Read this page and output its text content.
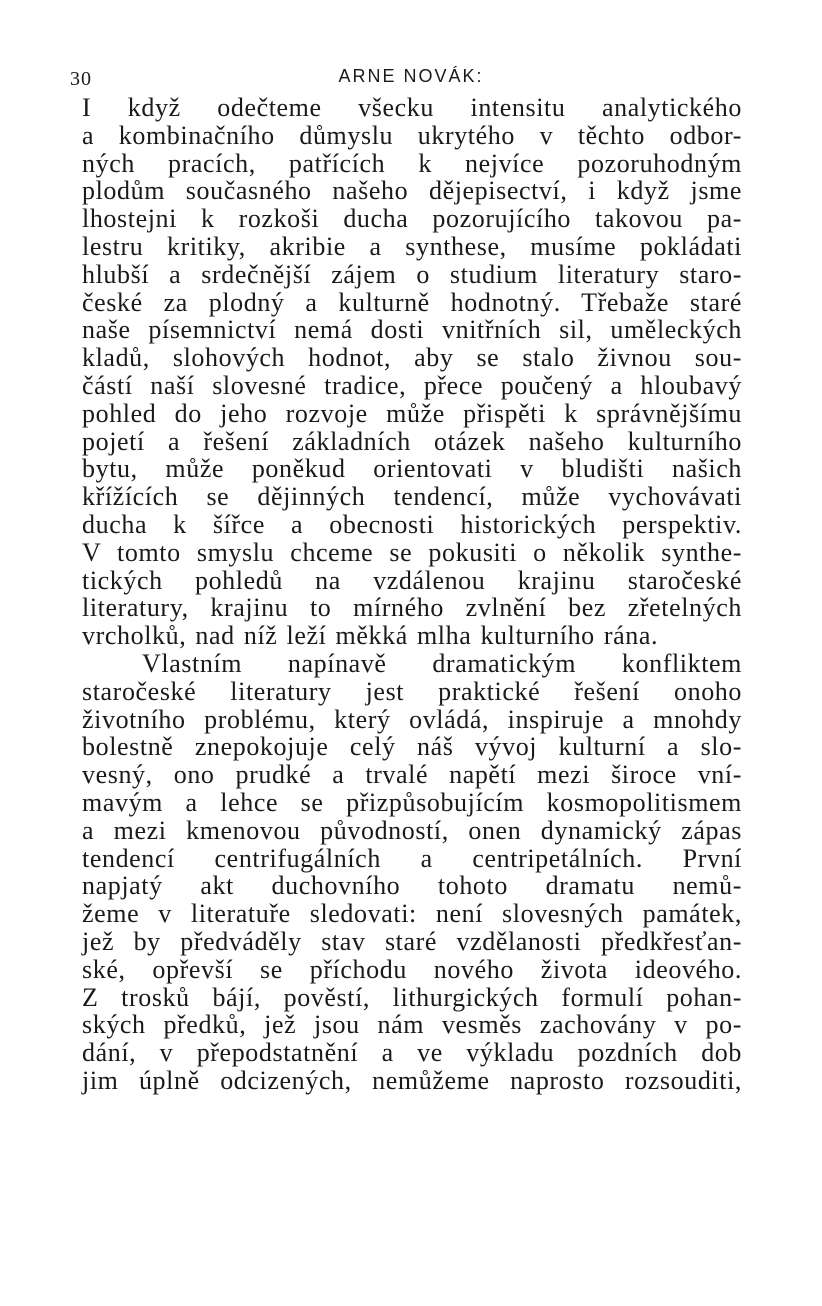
30	ARNE NOVÁK:
I když odečteme všecku intensitu analytického
a kombinačního důmyslu ukrytého v těchto odbor-
ných pracích, patřících k nejvíce pozoruhodným
plodům současného našeho dějepisectví, i když jsme
lhostejni k rozkoši ducha pozorujícího takovou pa-
lestru kritiky, akribie a synthese, musíme pokládati
hlubší a srdečnější zájem o studium literatury staro-
české za plodný a kulturně hodnotný. Třebaže staré
naše písemnictví nemá dosti vnitřních sil, uměleckých
kladů, slohových hodnot, aby se stalo živnou sou-
částí naší slovesné tradice, přece poučený a hloubavý
pohled do jeho rozvoje může přispěti k správnějšímu
pojetí a řešení základních otázek našeho kulturního
bytu, může poněkud orientovati v bludišti našich
křížících se dějinných tendencí, může vychovávati
ducha k šířce a obecnosti historických perspektiv.
V tomto smyslu chceme se pokusiti o několik synthe-
tických pohledů na vzdálenou krajinu staročeské
literatury, krajinu to mírného zvlnění bez zřetelných
vrcholků, nad níž leží měkká mlha kulturního rána.
Vlastním napínavě dramatickým konfliktem
staročeské literatury jest praktické řešení onoho
životního problému, který ovládá, inspiruje a mnohdy
bolestně znepokojuje celý náš vývoj kulturní a slo-
vesný, ono prudké a trvalé napětí mezi široce vní-
mavým a lehce se přizpůsobujícím kosmopolitismem
a mezi kmenovou původností, onen dynamický zápas
tendencí centrifugálních a centripetálních. První
napjatý akt duchovního tohoto dramatu nemů-
žeme v literatuře sledovati: není slovesných památek,
jež by předváděly stav staré vzdělanosti předkřesťan-
ské, opřevší se příchodu nového života ideového.
Z trosků bájí, pověstí, lithurgických formulí pohan-
ských předků, jež jsou nám vesměs zachovány v po-
dání, v přepodstatnění a ve výkladu pozdních dob
jim úplně odcizených, nemůžeme naprosto rozsouditi,
